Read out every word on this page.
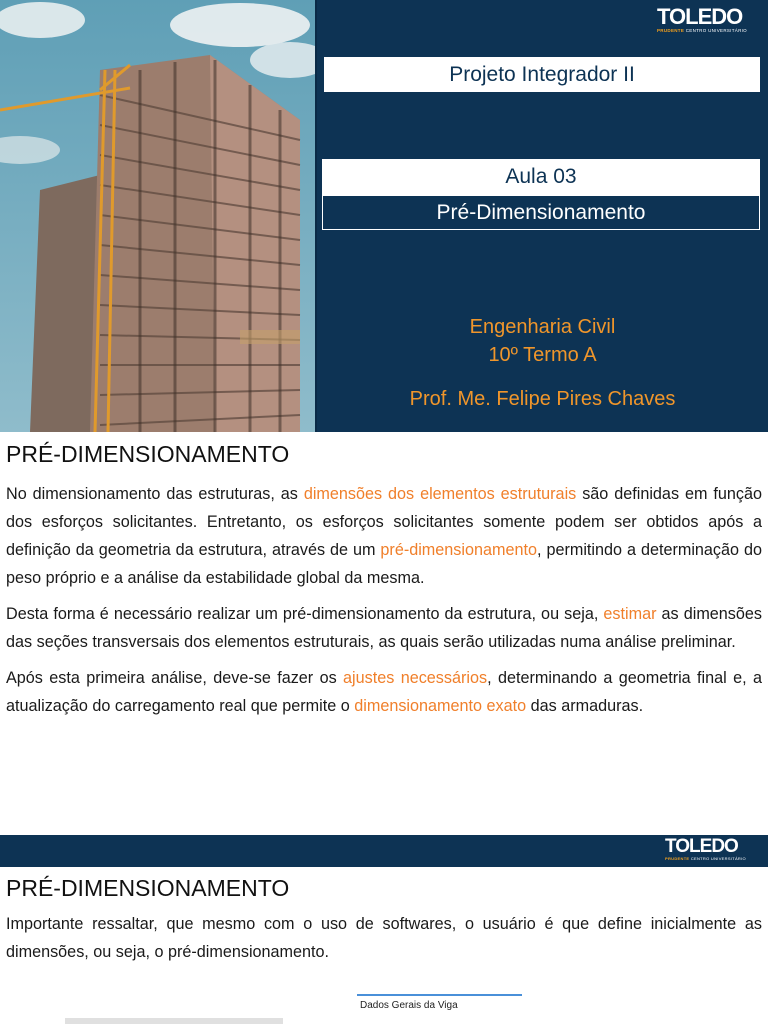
TOLEDO
PRUDENTE CENTRO UNIVERSITÁRIO
Projeto Integrador II
Aula 03
Pré-Dimensionamento
Engenharia Civil
10º Termo A
Prof. Me. Felipe Pires Chaves
PRÉ-DIMENSIONAMENTO

No dimensionamento das estruturas, as dimensões dos elementos estruturais são definidas em função dos esforços solicitantes. Entretanto, os esforços solicitantes somente podem ser obtidos após a definição da geometria da estrutura, através de um pré-dimensionamento, permitindo a determinação do peso próprio e a análise da estabilidade global da mesma.

Desta forma é necessário realizar um pré-dimensionamento da estrutura, ou seja, estimar as dimensões das seções transversais dos elementos estruturais, as quais serão utilizadas numa análise preliminar.

Após esta primeira análise, deve-se fazer os ajustes necessários, determinando a geometria final e, a atualização do carregamento real que permite o dimensionamento exato das armaduras.

TOLEDO
PRUDENTE CENTRO UNIVERSITÁRIO
PRÉ-DIMENSIONAMENTO

Importante ressaltar, que mesmo com o uso de softwares, o usuário é que define inicialmente as dimensões, ou seja, o pré-dimensionamento.

Dados Gerais da Viga
